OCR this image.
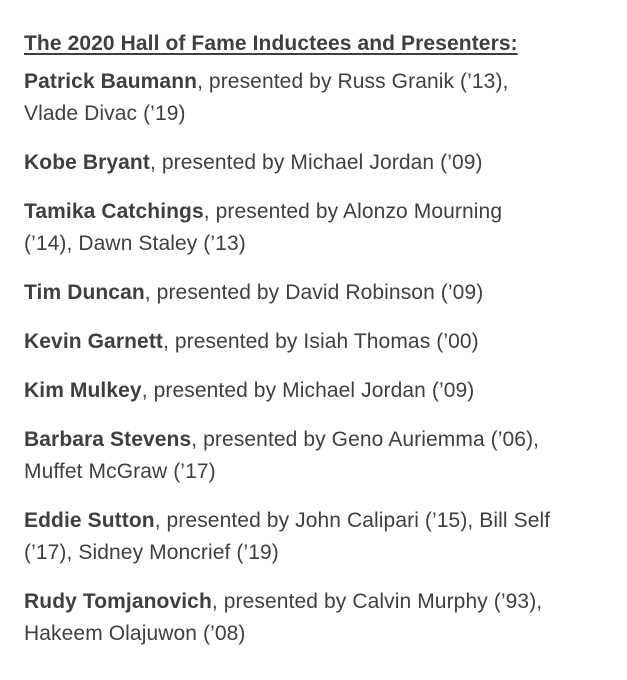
The 2020 Hall of Fame Inductees and Presenters:
Patrick Baumann, presented by Russ Granik (’13),
Vlade Divac (’19)
Kobe Bryant, presented by Michael Jordan (’09)
Tamika Catchings, presented by Alonzo Mourning
(’14), Dawn Staley (’13)
Tim Duncan, presented by David Robinson (’09)
Kevin Garnett, presented by Isiah Thomas (’00)
Kim Mulkey, presented by Michael Jordan (’09)
Barbara Stevens, presented by Geno Auriemma (’06),
Muffet McGraw (’17)
Eddie Sutton, presented by John Calipari (’15), Bill Self
(’17), Sidney Moncrief (’19)
Rudy Tomjanovich, presented by Calvin Murphy (’93),
Hakeem Olajuwon (’08)
